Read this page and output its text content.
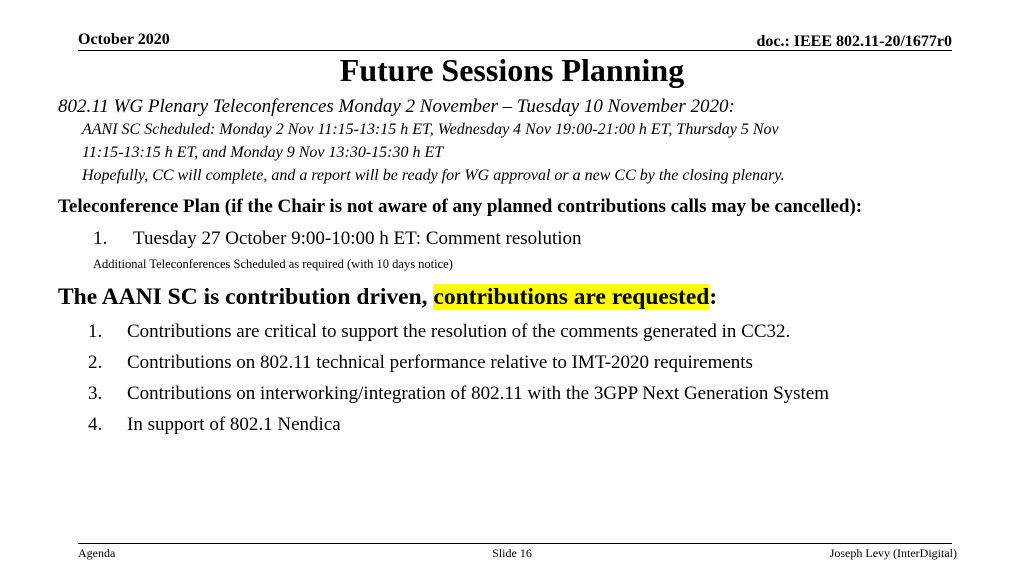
October 2020	doc.: IEEE 802.11-20/1677r0
Future Sessions Planning
802.11 WG Plenary Teleconferences Monday 2 November – Tuesday 10 November 2020:
AANI SC Scheduled: Monday 2 Nov 11:15-13:15 h ET, Wednesday 4 Nov 19:00-21:00 h ET, Thursday 5 Nov
11:15-13:15 h ET, and Monday 9 Nov 13:30-15:30 h ET
Hopefully, CC will complete, and a report will be ready for WG approval or a new CC by the closing plenary.
Teleconference Plan (if the Chair is not aware of any planned contributions calls may be cancelled):
1. Tuesday 27 October 9:00-10:00 h ET: Comment resolution
Additional Teleconferences Scheduled as required (with 10 days notice)
The AANI SC is contribution driven, contributions are requested:
1. Contributions are critical to support the resolution of the comments generated in CC32.
2. Contributions on 802.11 technical performance relative to IMT-2020 requirements
3. Contributions on interworking/integration of 802.11 with the 3GPP Next Generation System
4. In support of 802.1 Nendica
Agenda	Slide 16	Joseph Levy (InterDigital)
